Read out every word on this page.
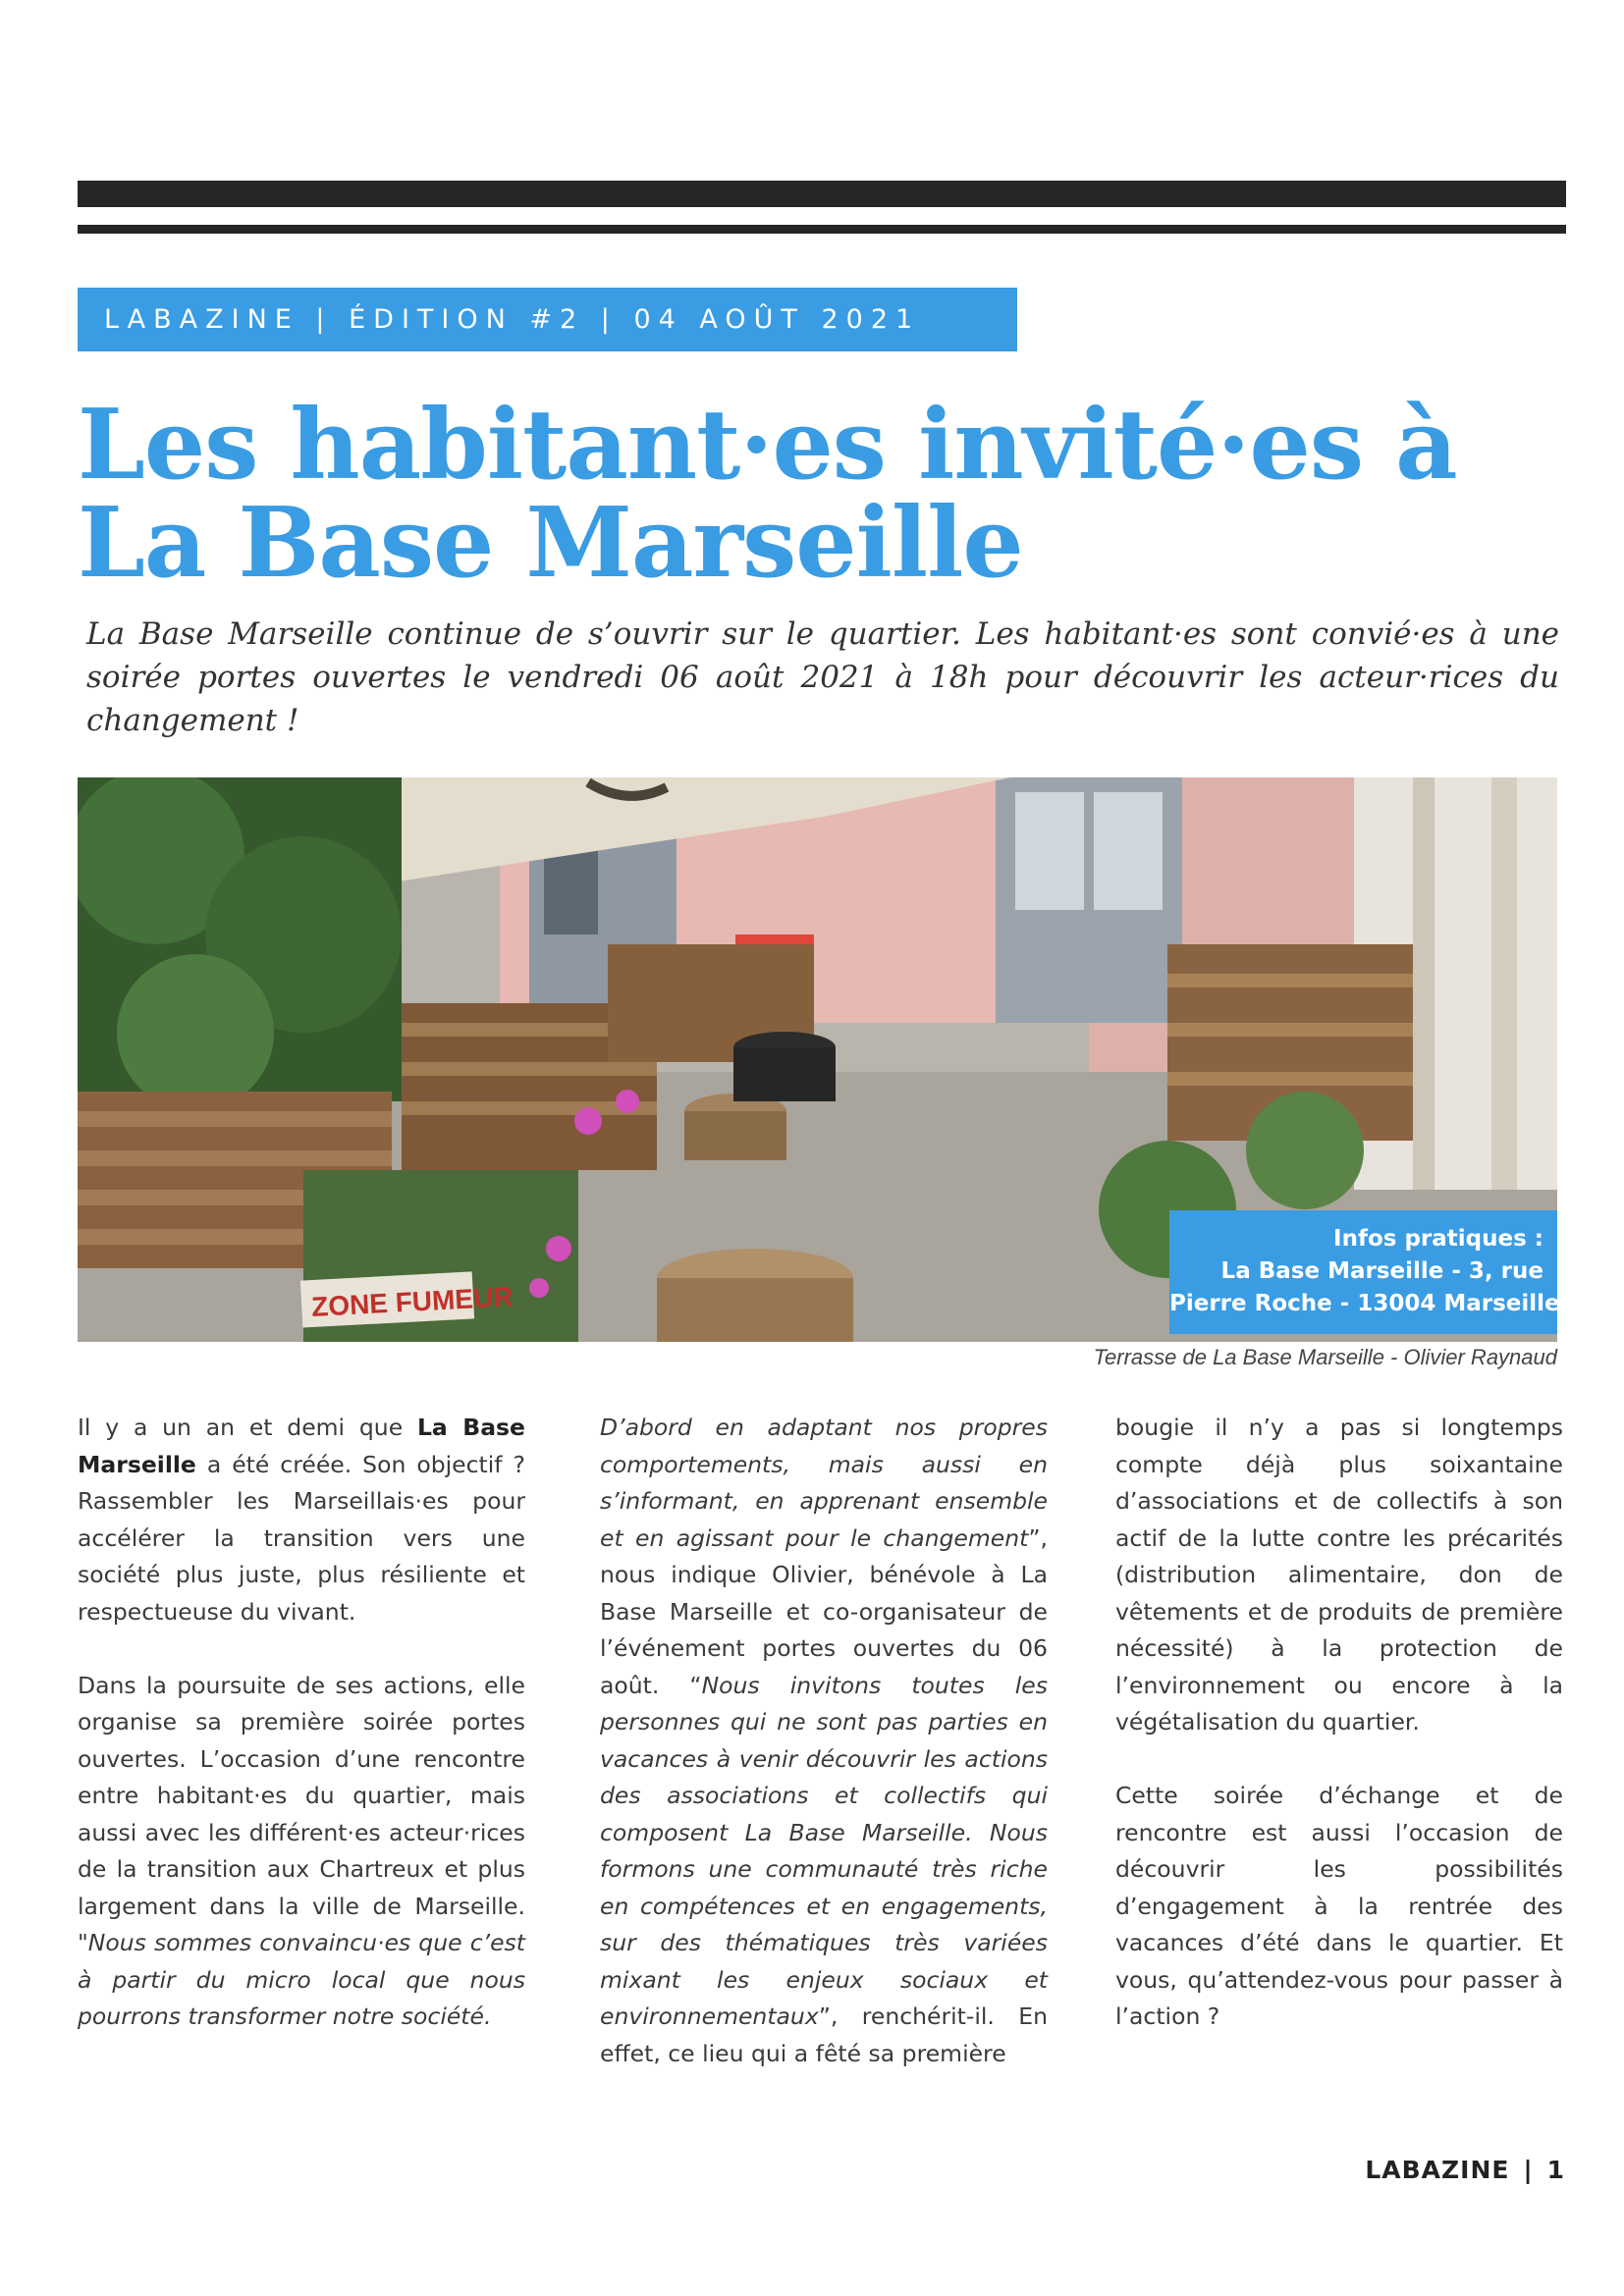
LABAZINE | ÉDITION #2 | 04 AOÛT 2021
Les habitant·es invité·es à
La Base Marseille

La Base Marseille continue de s’ouvrir sur le quartier. Les habitant·es sont convié·es à une soirée portes ouvertes le vendredi 06 août 2021 à 18h pour découvrir les acteur·rices du changement !

ZONE FUMEUR
Infos pratiques :
La Base Marseille - 3, rue
Pierre Roche - 13004 Marseille
Terrasse de La Base Marseille - Olivier Raynaud

Il y a un an et demi que La Base Marseille a été créée. Son objectif ? Rassembler les Marseillais·es pour accélérer la transition vers une société plus juste, plus résiliente et respectueuse du vivant.

Dans la poursuite de ses actions, elle organise sa première soirée portes ouvertes. L’occasion d’une rencontre entre habitant·es du quartier, mais aussi avec les différent·es acteur·rices de la transition aux Chartreux et plus largement dans la ville de Marseille. "Nous sommes convaincu·es que c’est à partir du micro local que nous pourrons transformer notre société.

D’abord en adaptant nos propres comportements, mais aussi en s’informant, en apprenant ensemble et en agissant pour le changement”, nous indique Olivier, bénévole à La Base Marseille et co-organisateur de l’événement portes ouvertes du 06 août. “Nous invitons toutes les personnes qui ne sont pas parties en vacances à venir découvrir les actions des associations et collectifs qui composent La Base Marseille. Nous formons une communauté très riche en compétences et en engagements, sur des thématiques très variées mixant les enjeux sociaux et environnementaux”, renchérit-il. En effet, ce lieu qui a fêté sa première

bougie il n’y a pas si longtemps compte déjà plus soixantaine d’associations et de collectifs à son actif de la lutte contre les précarités (distribution alimentaire, don de vêtements et de produits de première nécessité) à la protection de l’environnement ou encore à la végétalisation du quartier.

Cette soirée d’échange et de rencontre est aussi l’occasion de découvrir les possibilités d’engagement à la rentrée des vacances d’été dans le quartier. Et vous, qu’attendez-vous pour passer à l’action ?

LABAZINE | 1
